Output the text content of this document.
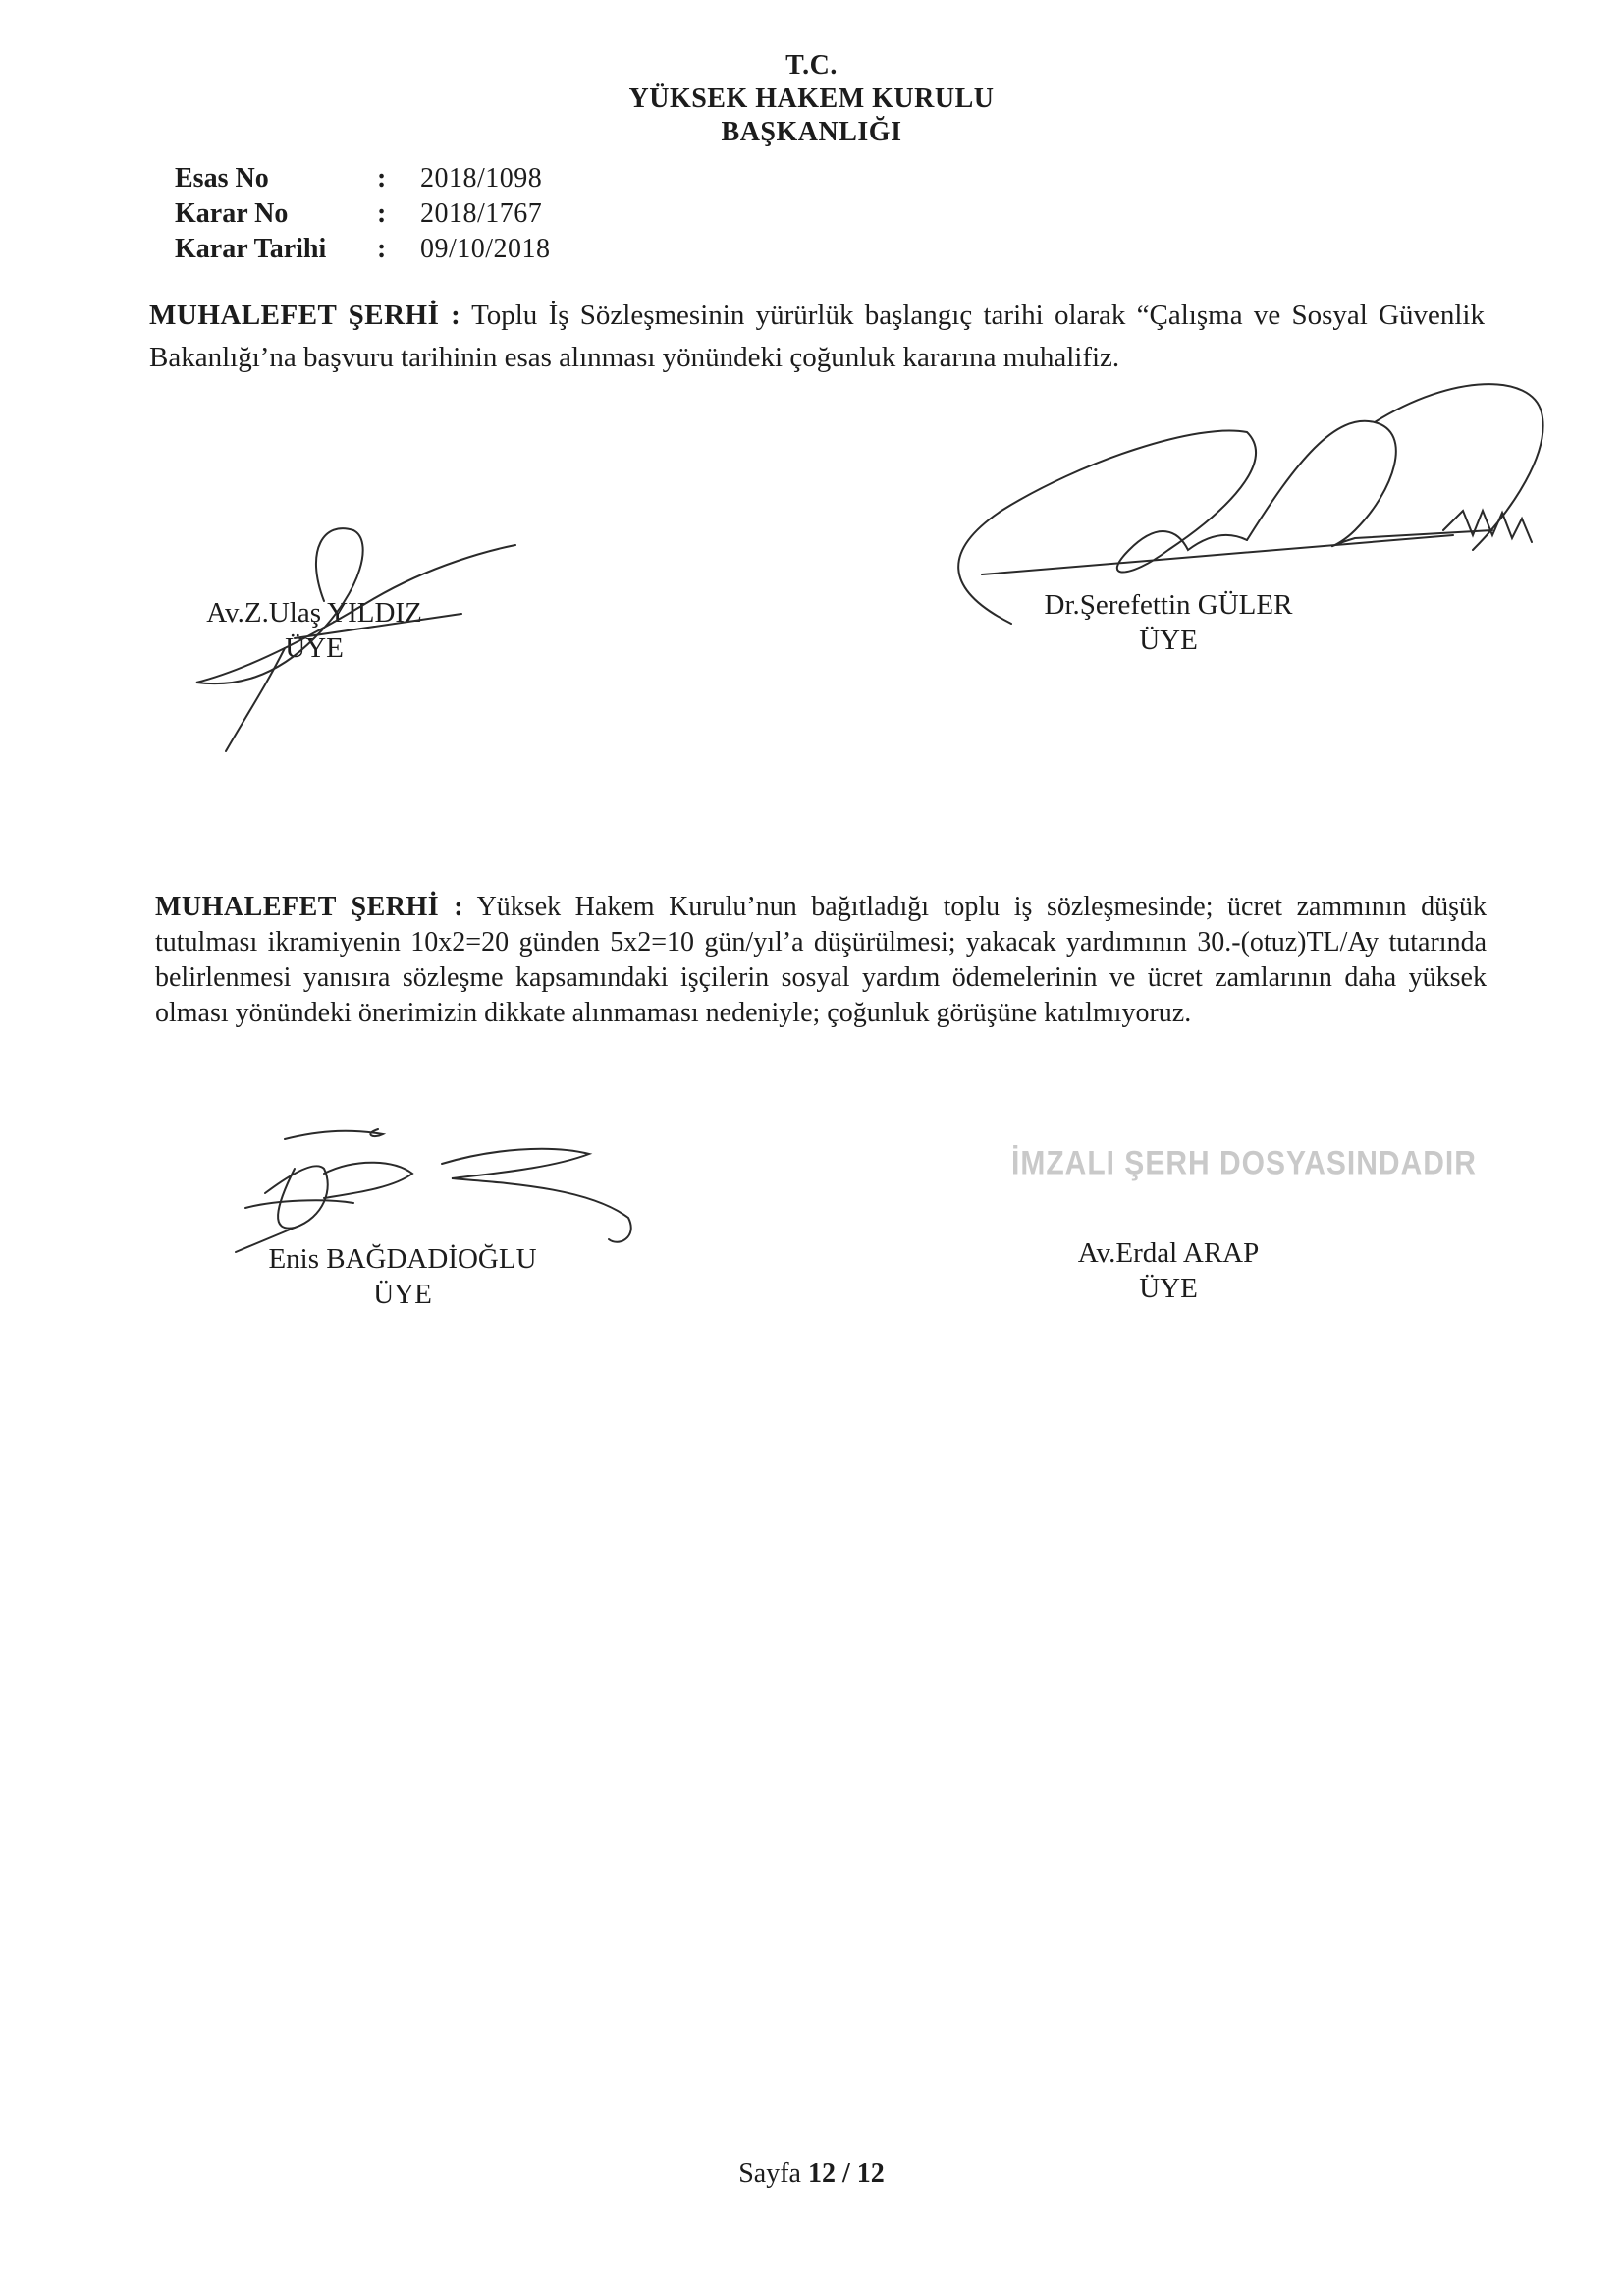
T.C.
YÜKSEK HAKEM KURULU
BAŞKANLIĞI
Esas No	:	2018/1098
Karar No	:	2018/1767
Karar Tarihi	:	09/10/2018
MUHALEFET ŞERHİ : Toplu İş Sözleşmesinin yürürlük başlangıç tarihi olarak “Çalışma ve Sosyal Güvenlik Bakanlığı’na başvuru tarihinin esas alınması yönündeki çoğunluk kararına muhalifiz.
Av.Z.Ulaş YILDIZ
ÜYE
Dr.Şerefettin GÜLER
ÜYE
MUHALEFET ŞERHİ : Yüksek Hakem Kurulu’nun bağıtladığı toplu iş sözleşmesinde; ücret zammının düşük tutulması ikramiyenin 10x2=20 günden 5x2=10 gün/yıl’a düşürülmesi; yakacak yardımının 30.-(otuz)TL/Ay tutarında belirlenmesi yanısıra sözleşme kapsamındaki işçilerin sosyal yardım ödemelerinin ve ücret zamlarının daha yüksek olması yönündeki önerimizin dikkate alınmaması nedeniyle; çoğunluk görüşüne katılmıyoruz.
İMZALI ŞERH DOSYASINDADIR
Enis BAĞDADİOĞLU
ÜYE
Av.Erdal ARAP
ÜYE
Sayfa 12 / 12
